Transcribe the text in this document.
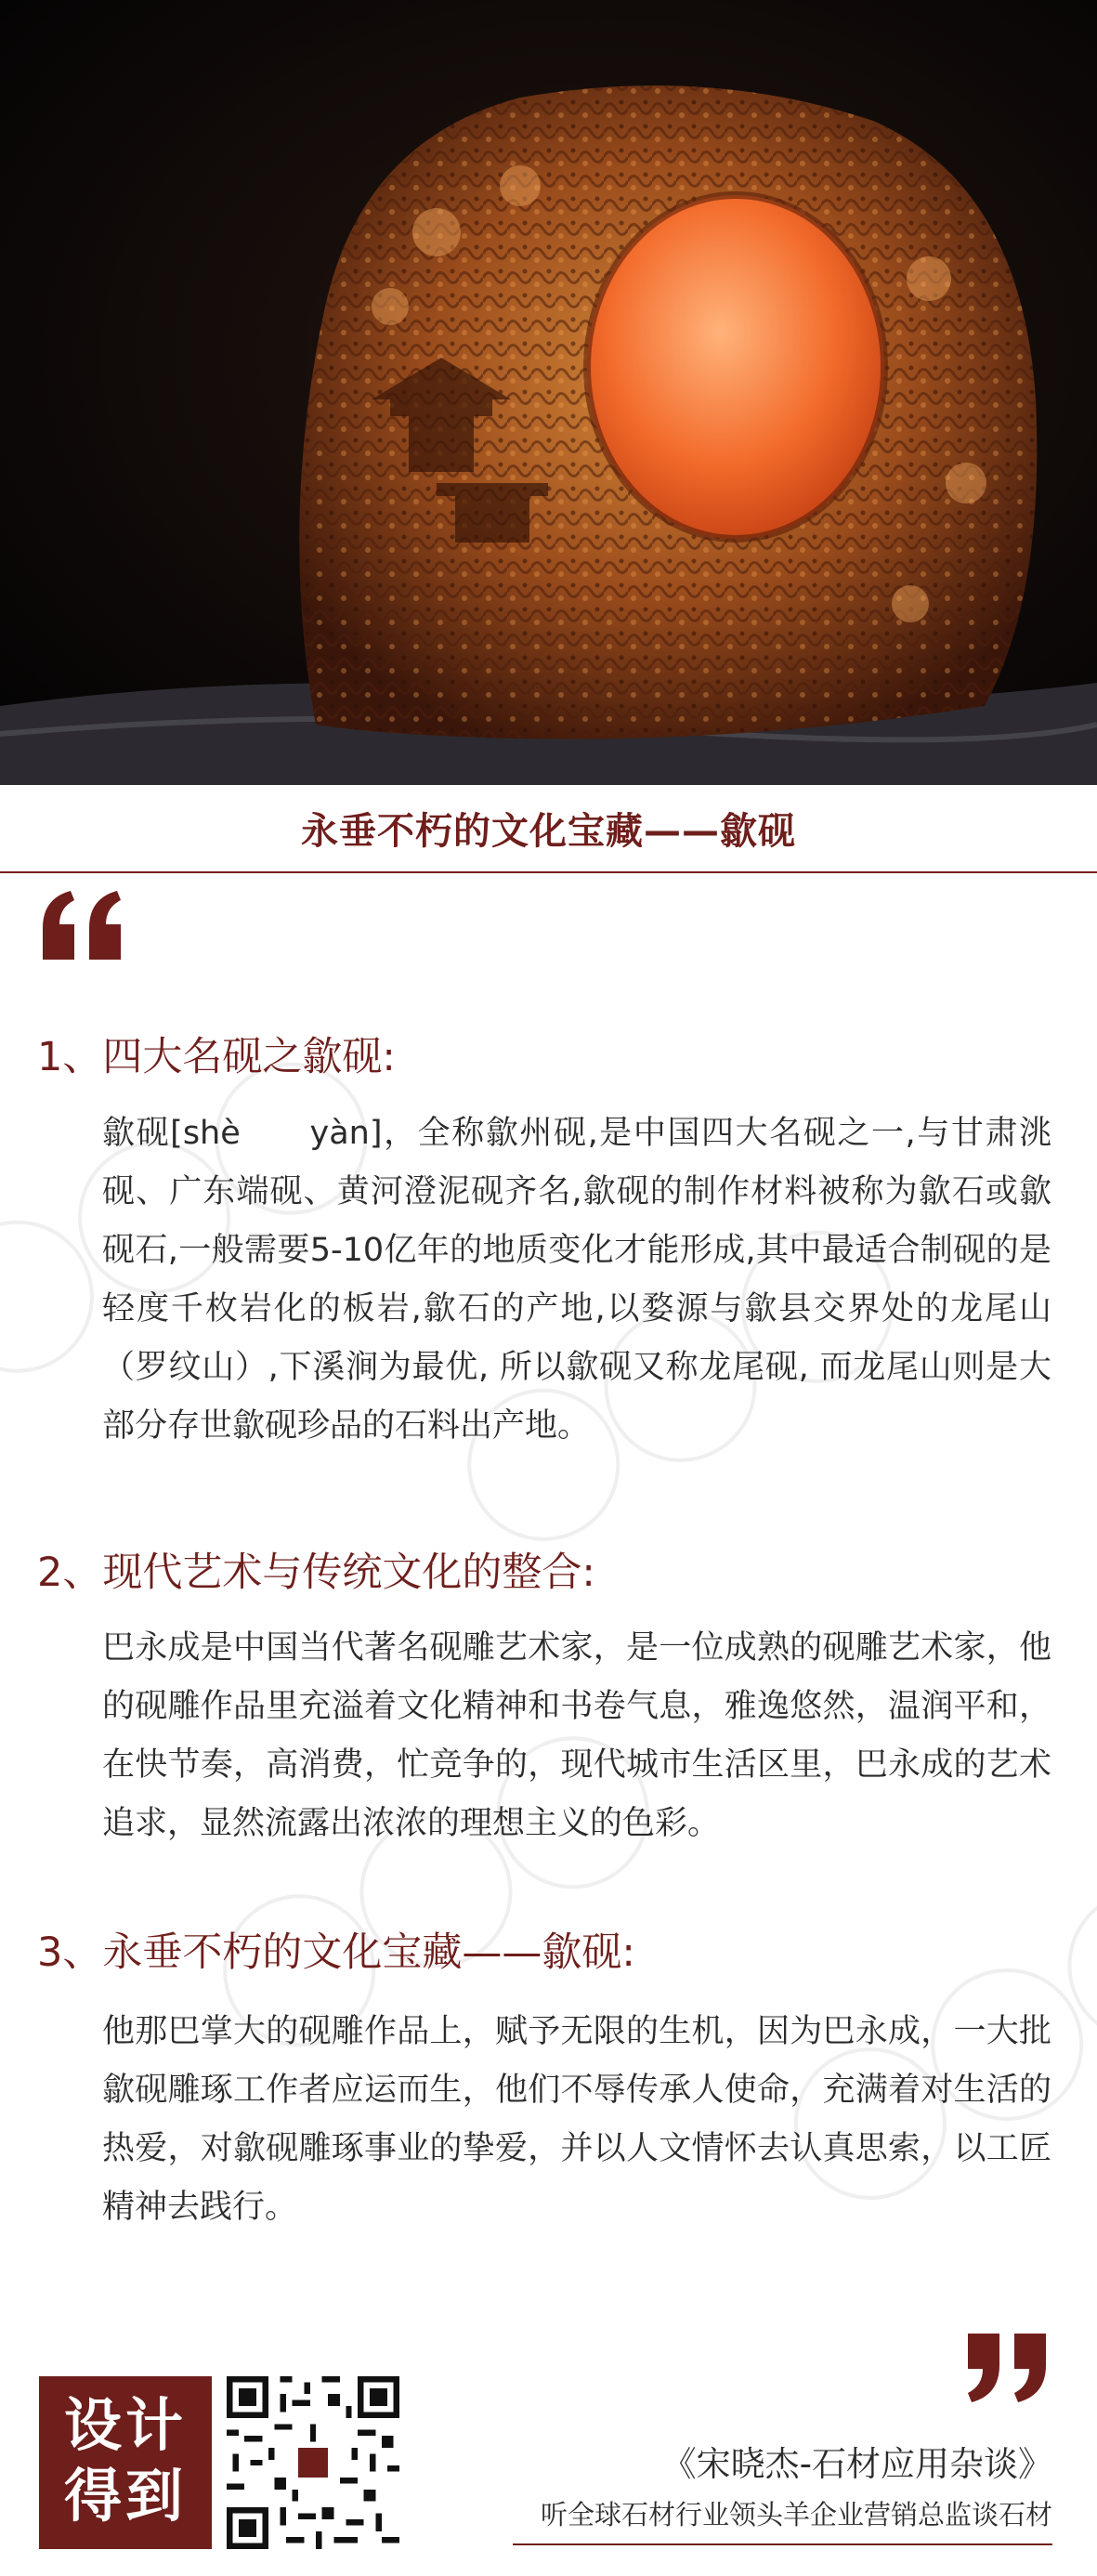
永垂不朽的文化宝藏——歙砚
1、四大名砚之歙砚:

歙砚[shè　　yàn]，全称歙州砚,是中国四大名砚之一,与甘肃洮砚、广东端砚、黄河澄泥砚齐名,歙砚的制作材料被称为歙石或歙砚石,一般需要5-10亿年的地质变化才能形成,其中最适合制砚的是轻度千枚岩化的板岩,歙石的产地,以婺源与歙县交界处的龙尾山（罗纹山）,下溪涧为最优, 所以歙砚又称龙尾砚, 而龙尾山则是大部分存世歙砚珍品的石料出产地。

2、现代艺术与传统文化的整合:

巴永成是中国当代著名砚雕艺术家，是一位成熟的砚雕艺术家，他的砚雕作品里充溢着文化精神和书卷气息，雅逸悠然，温润平和，在快节奏，高消费，忙竞争的，现代城市生活区里，巴永成的艺术追求，显然流露出浓浓的理想主义的色彩。

3、永垂不朽的文化宝藏——歙砚:

他那巴掌大的砚雕作品上，赋予无限的生机，因为巴永成，一大批歙砚雕琢工作者应运而生，他们不辱传承人使命，充满着对生活的热爱，对歙砚雕琢事业的挚爱，并以人文情怀去认真思索，以工匠精神去践行。

设计
得到	《宋晓杰-石材应用杂谈》

听全球石材行业领头羊企业营销总监谈石材
